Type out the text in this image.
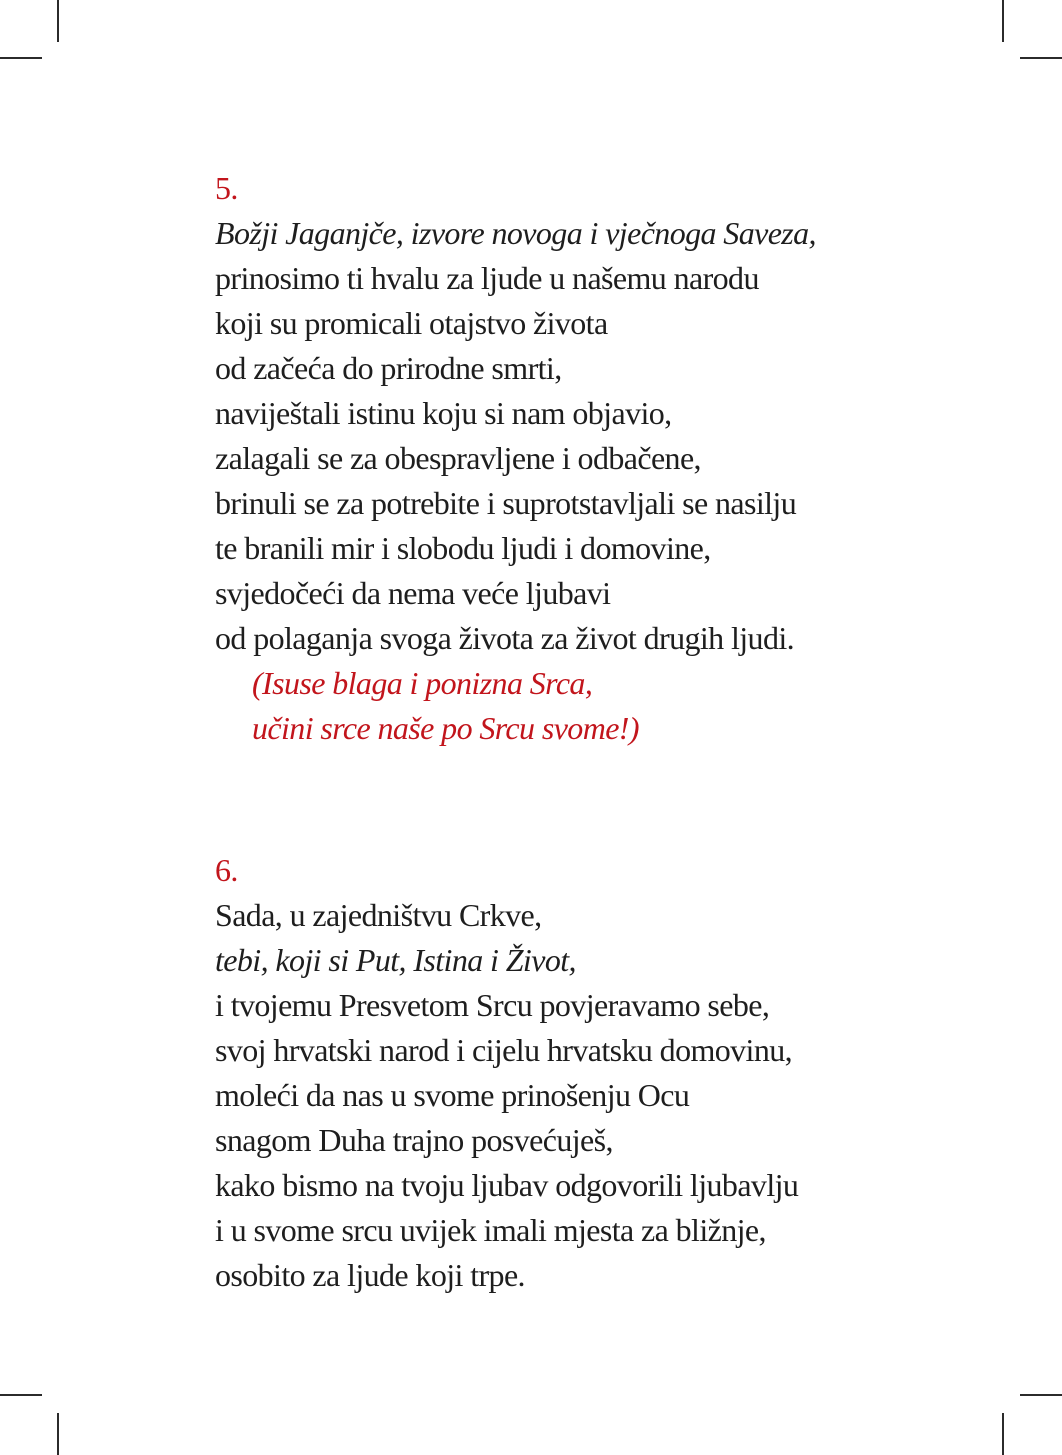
5.
Božji Jaganjče, izvore novoga i vječnoga Saveza,
prinosimo ti hvalu za ljude u našemu narodu
koji su promicali otajstvo života
od začeća do prirodne smrti,
naviještali istinu koju si nam objavio,
zalagali se za obespravljene i odbačene,
brinuli se za potrebite i suprotstavljali se nasilju
te branili mir i slobodu ljudi i domovine,
svjedočeći da nema veće ljubavi
od polaganja svoga života za život drugih ljudi.
(Isuse blaga i ponizna Srca,
učini srce naše po Srcu svome!)
6.
Sada, u zajedništvu Crkve,
tebi, koji si Put, Istina i Život,
i tvojemu Presvetom Srcu povjeravamo sebe,
svoj hrvatski narod i cijelu hrvatsku domovinu,
moleći da nas u svome prinošenju Ocu
snagom Duha trajno posvećuješ,
kako bismo na tvoju ljubav odgovorili ljubavlju
i u svome srcu uvijek imali mjesta za bližnje,
osobito za ljude koji trpe.
